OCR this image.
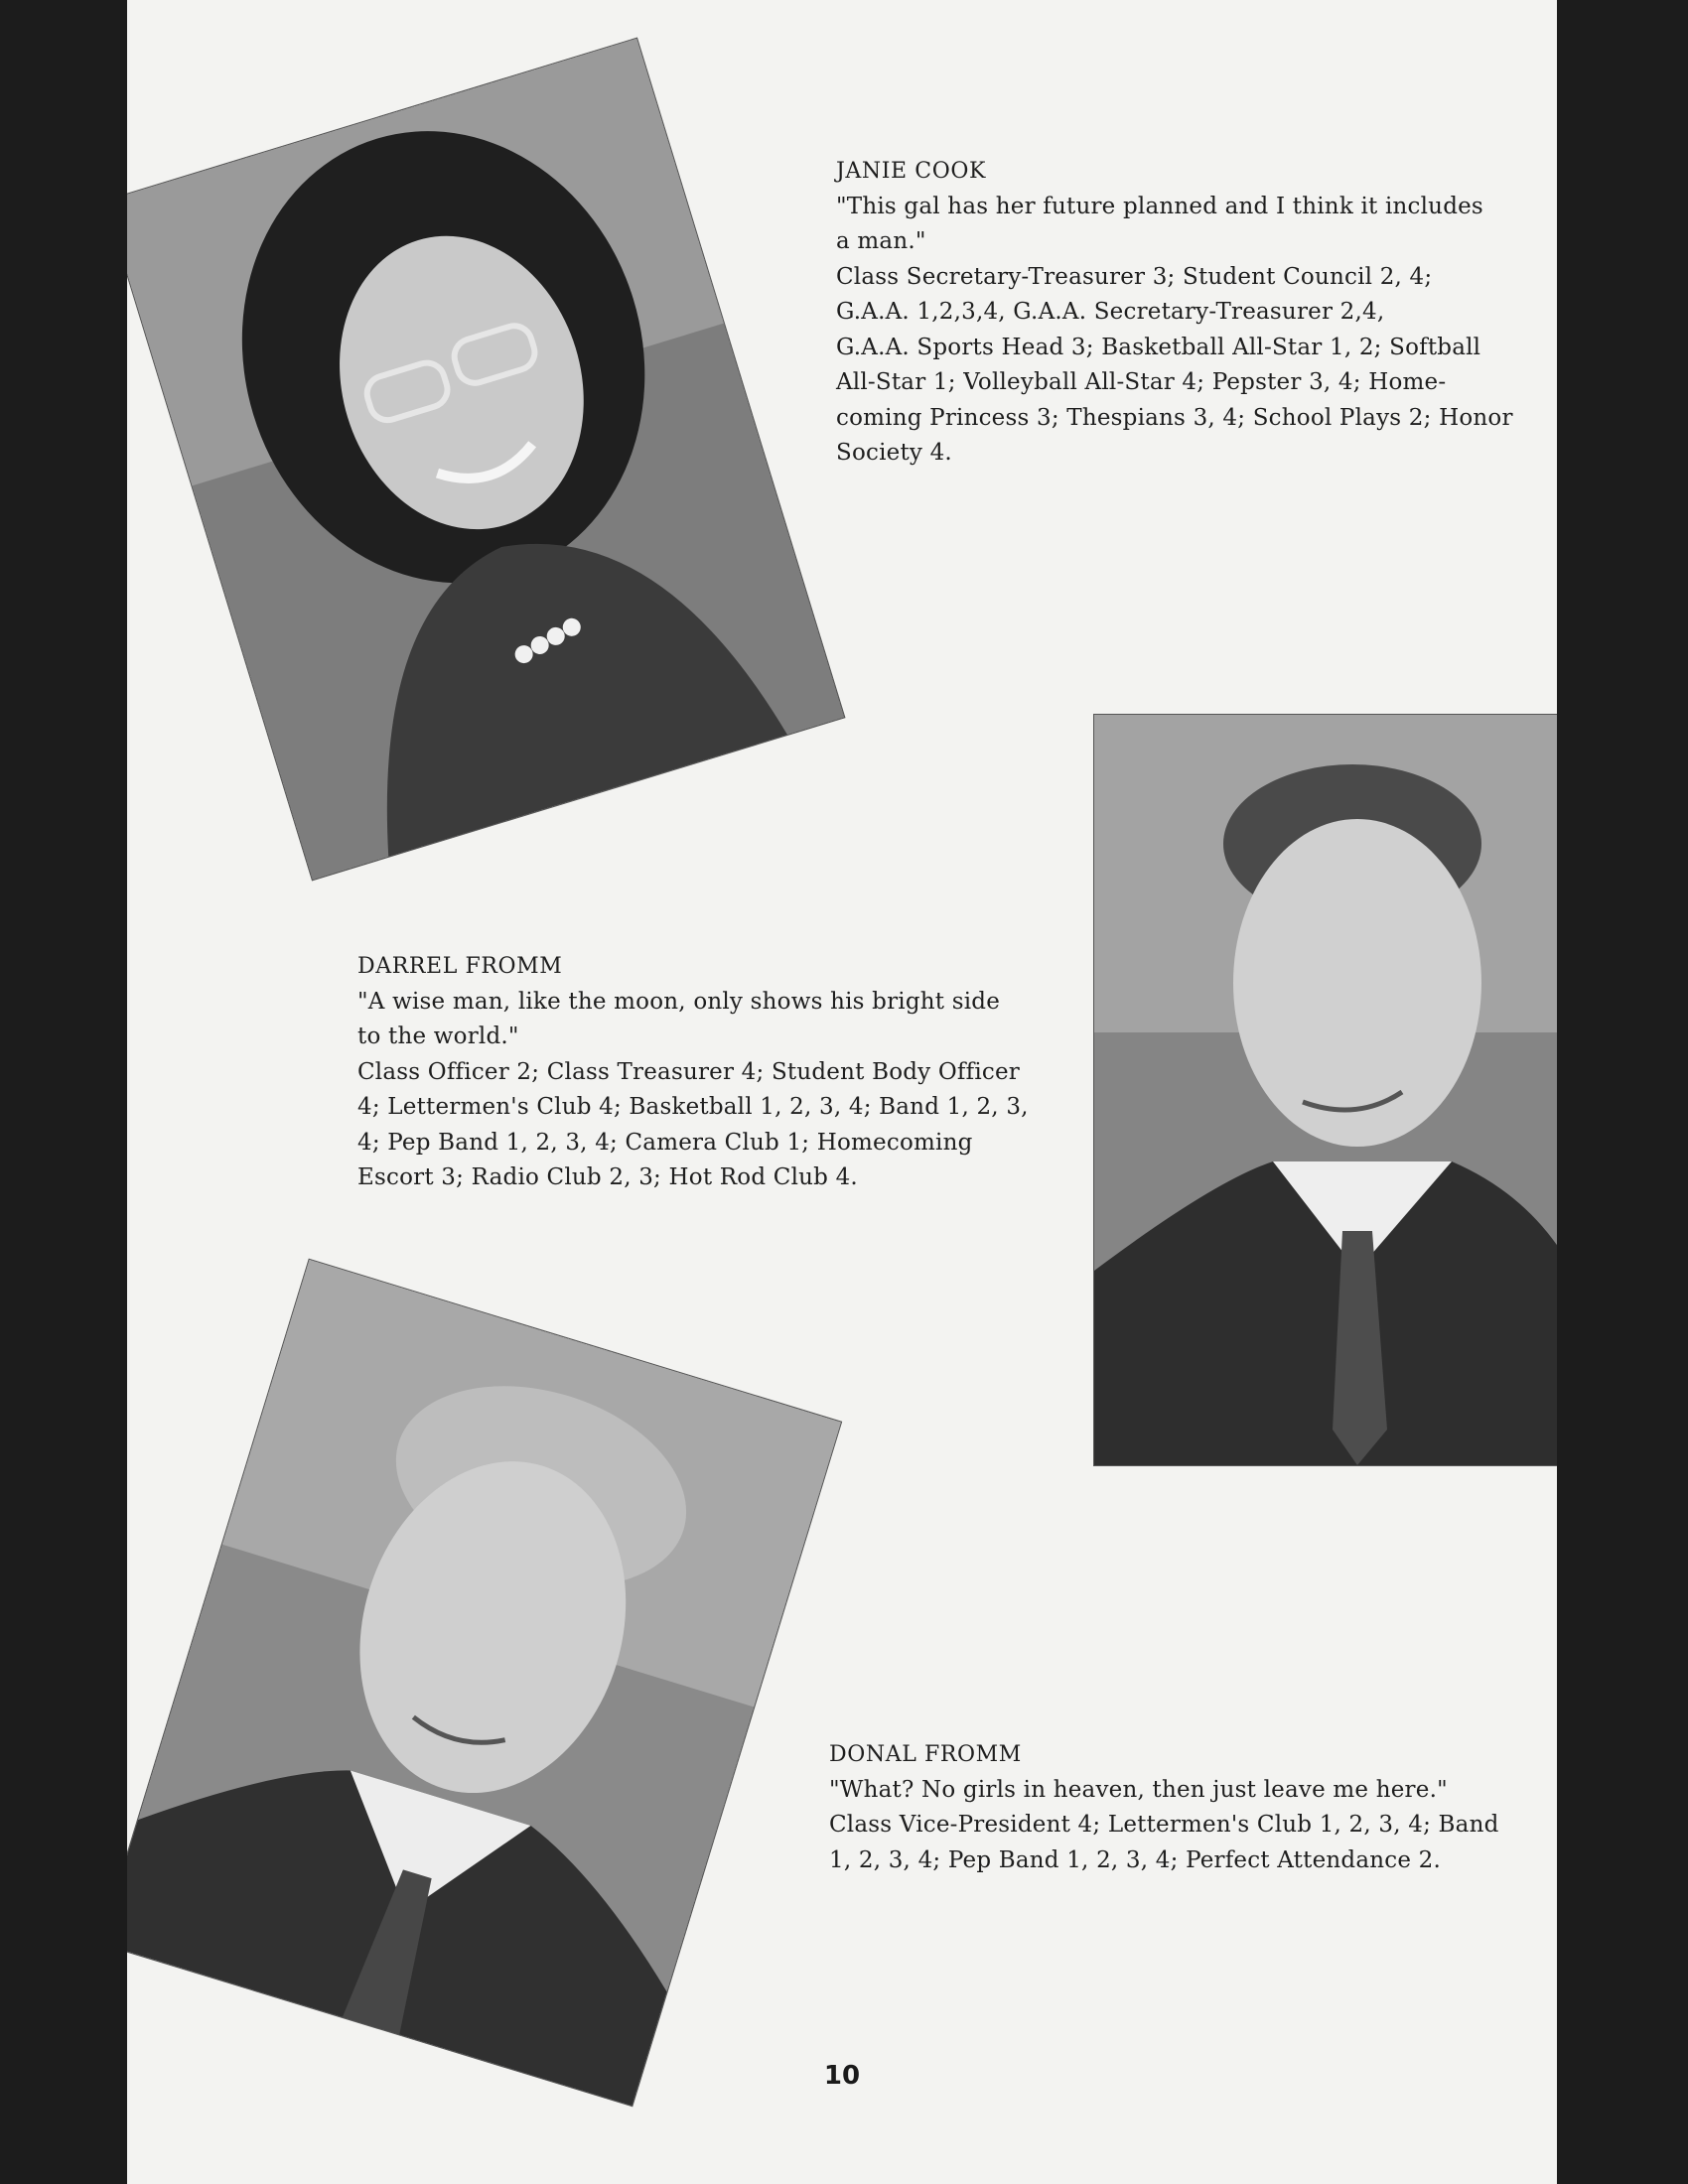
JANIE COOK
"This gal has her future planned and I think it includes
a man."
Class Secretary-Treasurer 3; Student Council 2, 4;
G.A.A. 1,2,3,4, G.A.A. Secretary-Treasurer 2,4,
G.A.A. Sports Head 3; Basketball All-Star 1, 2; Softball
All-Star 1; Volleyball All-Star 4; Pepster 3, 4; Home-
coming Princess 3; Thespians 3, 4; School Plays 2; Honor
Society 4.
DARREL FROMM
"A wise man, like the moon, only shows his bright side
to the world."
Class Officer 2; Class Treasurer 4; Student Body Officer
4; Lettermen's Club 4; Basketball 1, 2, 3, 4; Band 1, 2, 3,
4; Pep Band 1, 2, 3, 4; Camera Club 1; Homecoming
Escort 3; Radio Club 2, 3; Hot Rod Club 4.
DONAL FROMM
"What? No girls in heaven, then just leave me here."
Class Vice-President 4; Lettermen's Club 1, 2, 3, 4; Band
1, 2, 3, 4; Pep Band 1, 2, 3, 4; Perfect Attendance 2.
10
